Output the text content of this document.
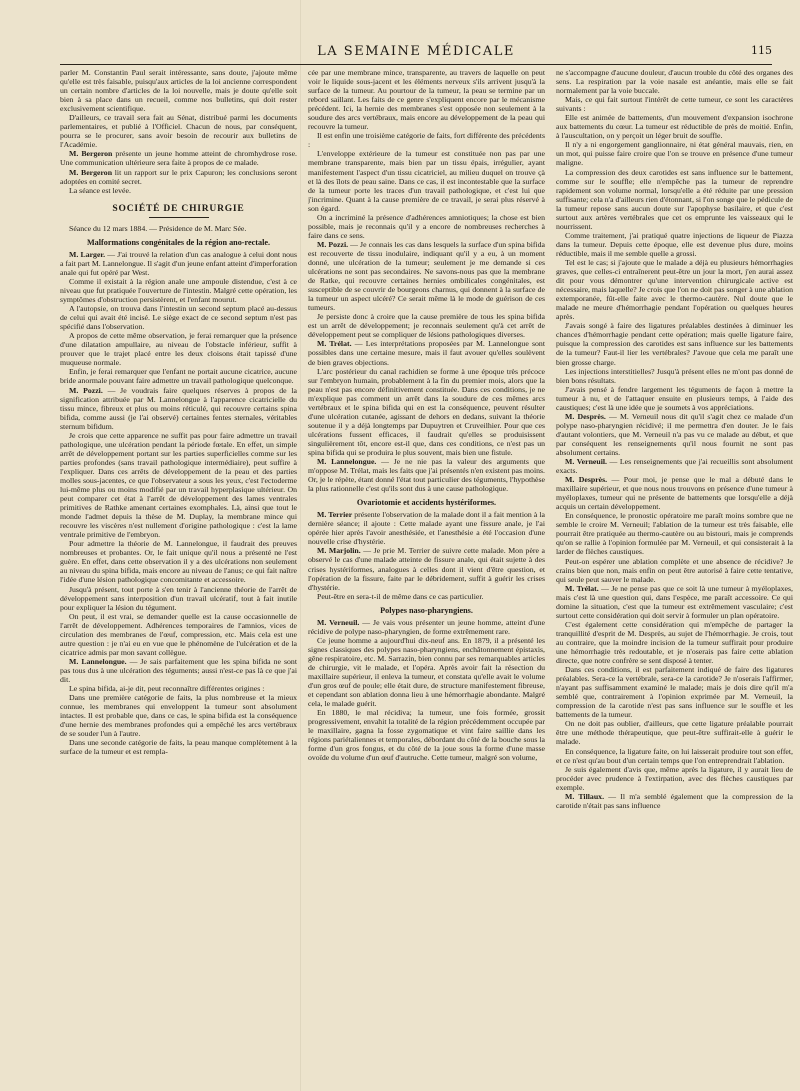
LA SEMAINE MÉDICALE	115

parler M. Constantin Paul serait intéressante, sans doute, j'ajoute même qu'elle est très faisable, puisqu'aux articles de la loi ancienne correspondent un certain nombre d'articles de la loi nouvelle, mais je doute qu'elle soit bien à sa place dans un recueil, comme nos bulletins, qui doit rester exclusivement scientifique.

D'ailleurs, ce travail sera fait au Sénat, distribué parmi les documents parlementaires, et publié à l'Officiel. Chacun de nous, par conséquent, pourra se le procurer, sans avoir besoin de recourir aux bulletins de l'Académie.

M. Bergeron présente un jeune homme atteint de chromhydrose rose. Une communication ultérieure sera faite à propos de ce malade.

M. Bergeron lit un rapport sur le prix Capuron; les conclusions seront adoptées en comité secret.

La séance est levée.

SOCIÉTÉ DE CHIRURGIE

Séance du 12 mars 1884. — Présidence de M. Marc Sée.

Malformations congénitales de la région ano-rectale.

M. Larger. — J'ai trouvé la relation d'un cas analogue à celui dont nous a fait part M. Lannelongue. Il s'agit d'un jeune enfant atteint d'imperforation anale qui fut opéré par West.

Comme il existait à la région anale une ampoule distendue, c'est à ce niveau que fut pratiquée l'ouverture de l'intestin. Malgré cette opération, les symptômes d'obstruction persistèrent, et l'enfant mourut.

A l'autopsie, on trouva dans l'intestin un second septum placé au-dessus de celui qui avait été incisé. Le siège exact de ce second septum n'est pas spécifié dans l'observation.

A propos de cette même observation, je ferai remarquer que la présence d'une dilatation ampullaire, au niveau de l'obstacle inférieur, suffit à prouver que le trajet placé entre les deux cloisons était tapissé d'une muqueuse normale.

Enfin, je ferai remarquer que l'enfant ne portait aucune cicatrice, aucune bride anormale pouvant faire admettre un travail pathologique quelconque.

M. Pozzi. — Je voudrais faire quelques réserves à propos de la signification attribuée par M. Lannelongue à l'apparence cicatricielle du tissu mince, fibreux et plus ou moins réticulé, qui recouvre certains spina bifida, comme aussi (je l'ai observé) certaines fentes sternales, véritables sternum bifidum.

Je crois que cette apparence ne suffit pas pour faire admettre un travail pathologique, une ulcération pendant la période fœtale. En effet, un simple arrêt de développement portant sur les parties superficielles comme sur les parties profondes (sans travail pathologique intermédiaire), peut suffire à l'expliquer. Dans ces arrêts de développement de la peau et des parties molles sous-jacentes, ce que l'observateur a sous les yeux, c'est l'ectoderme lui-même plus ou moins modifié par un travail hyperplasique ultérieur. On peut comparer cet état à l'arrêt de développement des lames ventrales primitives de Rathke amenant certaines exomphales. Là, ainsi que tout le monde l'admet depuis la thèse de M. Duplay, la membrane mince qui recouvre les viscères n'est nullement d'origine pathologique : c'est la lame ventrale primitive de l'embryon.

Pour admettre la théorie de M. Lannelongue, il faudrait des preuves nombreuses et probantes. Or, le fait unique qu'il nous a présenté ne l'est guère. En effet, dans cette observation il y a des ulcérations non seulement au niveau du spina bifida, mais encore au niveau de l'anus; ce qui fait naître l'idée d'une lésion pathologique concomitante et accessoire.

Jusqu'à présent, tout porte à s'en tenir à l'ancienne théorie de l'arrêt de développement sans interposition d'un travail ulcératif, tout à fait inutile pour expliquer la lésion du tégument.

On peut, il est vrai, se demander quelle est la cause occasionnelle de l'arrêt de développement. Adhérences temporaires de l'amnios, vices de circulation des membranes de l'œuf, compression, etc. Mais cela est une autre question : je n'ai eu en vue que le phénomène de l'ulcération et de la cicatrice admis par mon savant collègue.

M. Lannelongue. — Je sais parfaitement que les spina bifida ne sont pas tous dus à une ulcération des téguments; aussi n'est-ce pas là ce que j'ai dit.

Le spina bifida, ai-je dit, peut reconnaître différentes origines :

Dans une première catégorie de faits, la plus nombreuse et la mieux connue, les membranes qui enveloppent la tumeur sont absolument intactes. Il est probable que, dans ce cas, le spina bifida est la conséquence d'une hernie des membranes profondes qui a empêché les arcs vertébraux de se souder l'un à l'autre.

Dans une seconde catégorie de faits, la peau manque complètement à la surface de la tumeur et est rempla-

cée par une membrane mince, transparente, au travers de laquelle on peut voir le liquide sous-jacent et les éléments nerveux s'ils arrivent jusqu'à la surface de la tumeur. Au pourtour de la tumeur, la peau se termine par un rebord saillant. Les faits de ce genre s'expliquent encore par le mécanisme précédent. Ici, la hernie des membranes s'est opposée non seulement à la soudure des arcs vertébraux, mais encore au développement de la peau qui recouvre la tumeur.

Il est enfin une troisième catégorie de faits, fort différente des précédents :

L'enveloppe extérieure de la tumeur est constituée non pas par une membrane transparente, mais bien par un tissu épais, irrégulier, ayant manifestement l'aspect d'un tissu cicatriciel, au milieu duquel on trouve çà et là des îlots de peau saine. Dans ce cas, il est incontestable que la surface de la tumeur porte les traces d'un travail pathologique, et c'est lui que j'incrimine. Quant à la cause première de ce travail, je serai plus réservé à son égard.

On a incriminé la présence d'adhérences amniotiques; la chose est bien possible, mais je reconnais qu'il y a encore de nombreuses recherches à faire dans ce sens.

M. Pozzi. — Je connais les cas dans lesquels la surface d'un spina bifida est recouverte de tissu inodulaire, indiquant qu'il y a eu, à un moment donné, une ulcération de la tumeur; seulement je me demande si ces ulcérations ne sont pas secondaires. Ne savons-nous pas que la membrane de Ratke, qui recouvre certaines hernies ombilicales congénitales, est susceptible de se couvrir de bourgeons charnus, qui donnent à la surface de la tumeur un aspect ulcéré? Ce serait même là le mode de guérison de ces tumeurs.

Je persiste donc à croire que la cause première de tous les spina bifida est un arrêt de développement; je reconnais seulement qu'à cet arrêt de développement peut se compliquer de lésions pathologiques diverses.

M. Trélat. — Les interprétations proposées par M. Lannelongue sont possibles dans une certaine mesure, mais il faut avouer qu'elles soulèvent de bien graves objections.

L'arc postérieur du canal rachidien se forme à une époque très précoce sur l'embryon humain, probablement à la fin du premier mois, alors que la peau n'est pas encore définitivement constituée. Dans ces conditions, je ne m'explique pas comment un arrêt dans la soudure de ces mêmes arcs vertébraux et le spina bifida qui en est la conséquence, peuvent résulter d'une ulcération cutanée, agissant de dehors en dedans, suivant la théorie soutenue il y a déjà longtemps par Dupuytren et Cruveilhier. Pour que ces ulcérations fussent efficaces, il faudrait qu'elles se produisissent singulièrement tôt, encore est-il que, dans ces conditions, ce n'est pas un spina bifida qui se produira le plus souvent, mais bien une fistule.

M. Lannelongue. — Je ne nie pas la valeur des arguments que m'oppose M. Trélat, mais les faits que j'ai présentés n'en existent pas moins. Or, je le répète, étant donné l'état tout particulier des téguments, l'hypothèse la plus rationnelle c'est qu'ils sont dus à une cause pathologique.

Ovariotomie et accidents hystériformes.

M. Terrier présente l'observation de la malade dont il a fait mention à la dernière séance; il ajoute : Cette malade ayant une fissure anale, je l'ai opérée hier après l'avoir anesthésiée, et l'anesthésie a été l'occasion d'une nouvelle crise d'hystérie.

M. Marjolin. — Je prie M. Terrier de suivre cette malade. Mon père a observé le cas d'une malade atteinte de fissure anale, qui était sujette à des crises hystériformes, analogues à celles dont il vient d'être question, et l'opération de la fissure, faite par le débridement, suffit à guérir les crises d'hystérie.

Peut-être en sera-t-il de même dans ce cas particulier.

Polypes naso-pharyngiens.

M. Verneuil. — Je vais vous présenter un jeune homme, atteint d'une récidive de polype naso-pharyngien, de forme extrêmement rare.

Ce jeune homme a aujourd'hui dix-neuf ans. En 1879, il a présenté les signes classiques des polypes naso-pharyngiens, enchâtonnement épistaxis, gêne respiratoire, etc. M. Sarrazin, bien connu par ses remarquables articles de chirurgie, vit le malade, et l'opéra. Après avoir fait la résection du maxillaire supérieur, il enleva la tumeur, et constata qu'elle avait le volume d'un gros œuf de poule; elle était dure, de structure manifestement fibreuse, et cependant son ablation donna lieu à une hémorrhagie abondante. Malgré cela, le malade guérit.

En 1880, le mal récidiva; la tumeur, une fois formée, grossit progressivement, envahit la totalité de la région précédemment occupée par le maxillaire, gagna la fosse zygomatique et vint faire saillie dans les régions pariétaliennes et temporales, débordant du côté de la bouche sous la forme d'un gros fongus, et du côté de la joue sous la forme d'une masse ovoïde du volume d'un œuf d'autruche. Cette tumeur, malgré son volume,

ne s'accompagne d'aucune douleur, d'aucun trouble du côté des organes des sens. La respiration par la voie nasale est anéantie, mais elle se fait normalement par la voie buccale.

Mais, ce qui fait surtout l'intérêt de cette tumeur, ce sont les caractères suivants :

Elle est animée de battements, d'un mouvement d'expansion isochrone aux battements du cœur. La tumeur est réductible de près de moitié. Enfin, à l'auscultation, on y perçoit un léger bruit de souffle.

Il n'y a ni engorgement ganglionnaire, ni état général mauvais, rien, en un mot, qui puisse faire croire que l'on se trouve en présence d'une tumeur maligne.

La compression des deux carotides est sans influence sur le battement, comme sur le souffle; elle n'empêche pas la tumeur de reprendre rapidement son volume normal, lorsqu'elle a été réduite par une pression suffisante; cela n'a d'ailleurs rien d'étonnant, si l'on songe que le pédicule de la tumeur repose sans aucun doute sur l'apophyse basilaire, et que c'est surtout aux artères vertébrales que cet os emprunte les vaisseaux qui le nourrissent.

Comme traitement, j'ai pratiqué quatre injections de liqueur de Piazza dans la tumeur. Depuis cette époque, elle est devenue plus dure, moins réductible, mais il me semble quelle a grossi.

Tel est le cas; si j'ajoute que le malade a déjà eu plusieurs hémorrhagies graves, que celles-ci entraînerent peut-être un jour la mort, j'en aurai assez dit pour vous démontrer qu'une intervention chirurgicale active est nécessaire, mais laquelle? Je crois que l'on ne doit pas songer à une ablation extemporanée, fût-elle faite avec le thermo-cautère. Nul doute que le malade ne meure d'hémorrhagie pendant l'opération ou quelques heures après.

J'avais songé à faire des ligatures préalables destinées à diminuer les chances d'hémorrhagie pendant cette opération; mais quelle ligature faire, puisque la compression des carotides est sans influence sur les battements de la tumeur? Faut-il lier les vertébrales? J'avoue que cela me paraît une bien grosse charge.

Les injections interstitielles? Jusqu'à présent elles ne m'ont pas donné de bien bons résultats.

J'avais pensé à fendre largement les téguments de façon à mettre la tumeur à nu, et de l'attaquer ensuite en plusieurs temps, à l'aide des caustiques; c'est là une idée que je soumets à vos appréciations.

M. Desprès. — M. Verneuil nous dit qu'il s'agit chez ce malade d'un polype naso-pharyngien récidivé; il me permettra d'en douter. Je le fais d'autant volontiers, que M. Verneuil n'a pas vu ce malade au début, et que par conséquent les renseignements qu'il nous fournit ne sont pas absolument certains.

M. Verneuil. — Les renseignements que j'ai recueillis sont absolument exacts.

M. Desprès. — Pour moi, je pense que le mal a débuté dans le maxillaire supérieur, et que nous nous trouvons en présence d'une tumeur à myéloplaxes, tumeur qui ne présente de battements que lorsqu'elle a déjà acquis un certain développement.

En conséquence, le pronostic opératoire me paraît moins sombre que ne semble le croire M. Verneuil; l'ablation de la tumeur est très faisable, elle pourrait être pratiquée au thermo-cautère ou au bistouri, mais je comprends qu'on se rallie à l'opinion formulée par M. Verneuil, et qui consisterait à la larder de flèches caustiques.

Peut-on espérer une ablation complète et une absence de récidive? Je crains bien que non, mais enfin on peut être autorisé à faire cette tentative, qui seule peut sauver le malade.

M. Trélat. — Je ne pense pas que ce soit là une tumeur à myéloplaxes, mais c'est là une question qui, dans l'espèce, me paraît accessoire. Ce qui domine la situation, c'est que la tumeur est extrêmement vasculaire; c'est surtout cette considération qui doit servir à formuler un plan opératoire.

C'est également cette considération qui m'empêche de partager la tranquillité d'esprit de M. Desprès, au sujet de l'hémorrhagie. Je crois, tout au contraire, que la moindre incision de la tumeur suffirait pour produire une hémorrhagie très redoutable, et je n'oserais pas faire cette ablation directe, que notre confrère se sent disposé à tenter.

Dans ces conditions, il est parfaitement indiqué de faire des ligatures préalables. Sera-ce la vertébrale, sera-ce la carotide? Je n'oserais l'affirmer, n'ayant pas suffisamment examiné le malade; mais je dois dire qu'il m'a semblé que, contrairement à l'opinion exprimée par M. Verneuil, la compression de la carotide n'est pas sans influence sur le souffle et les battements de la tumeur.

On ne doit pas oublier, d'ailleurs, que cette ligature préalable pourrait être une méthode thérapeutique, que peut-être suffirait-elle à guérir le malade.

En conséquence, la ligature faite, on lui laisserait produire tout son effet, et ce n'est qu'au bout d'un certain temps que l'on entreprendrait l'ablation.

Je suis également d'avis que, même après la ligature, il y aurait lieu de procéder avec prudence à l'extirpation, avec des flèches caustiques par exemple.

M. Tillaux. — Il m'a semblé également que la compression de la carotide n'était pas sans influence
